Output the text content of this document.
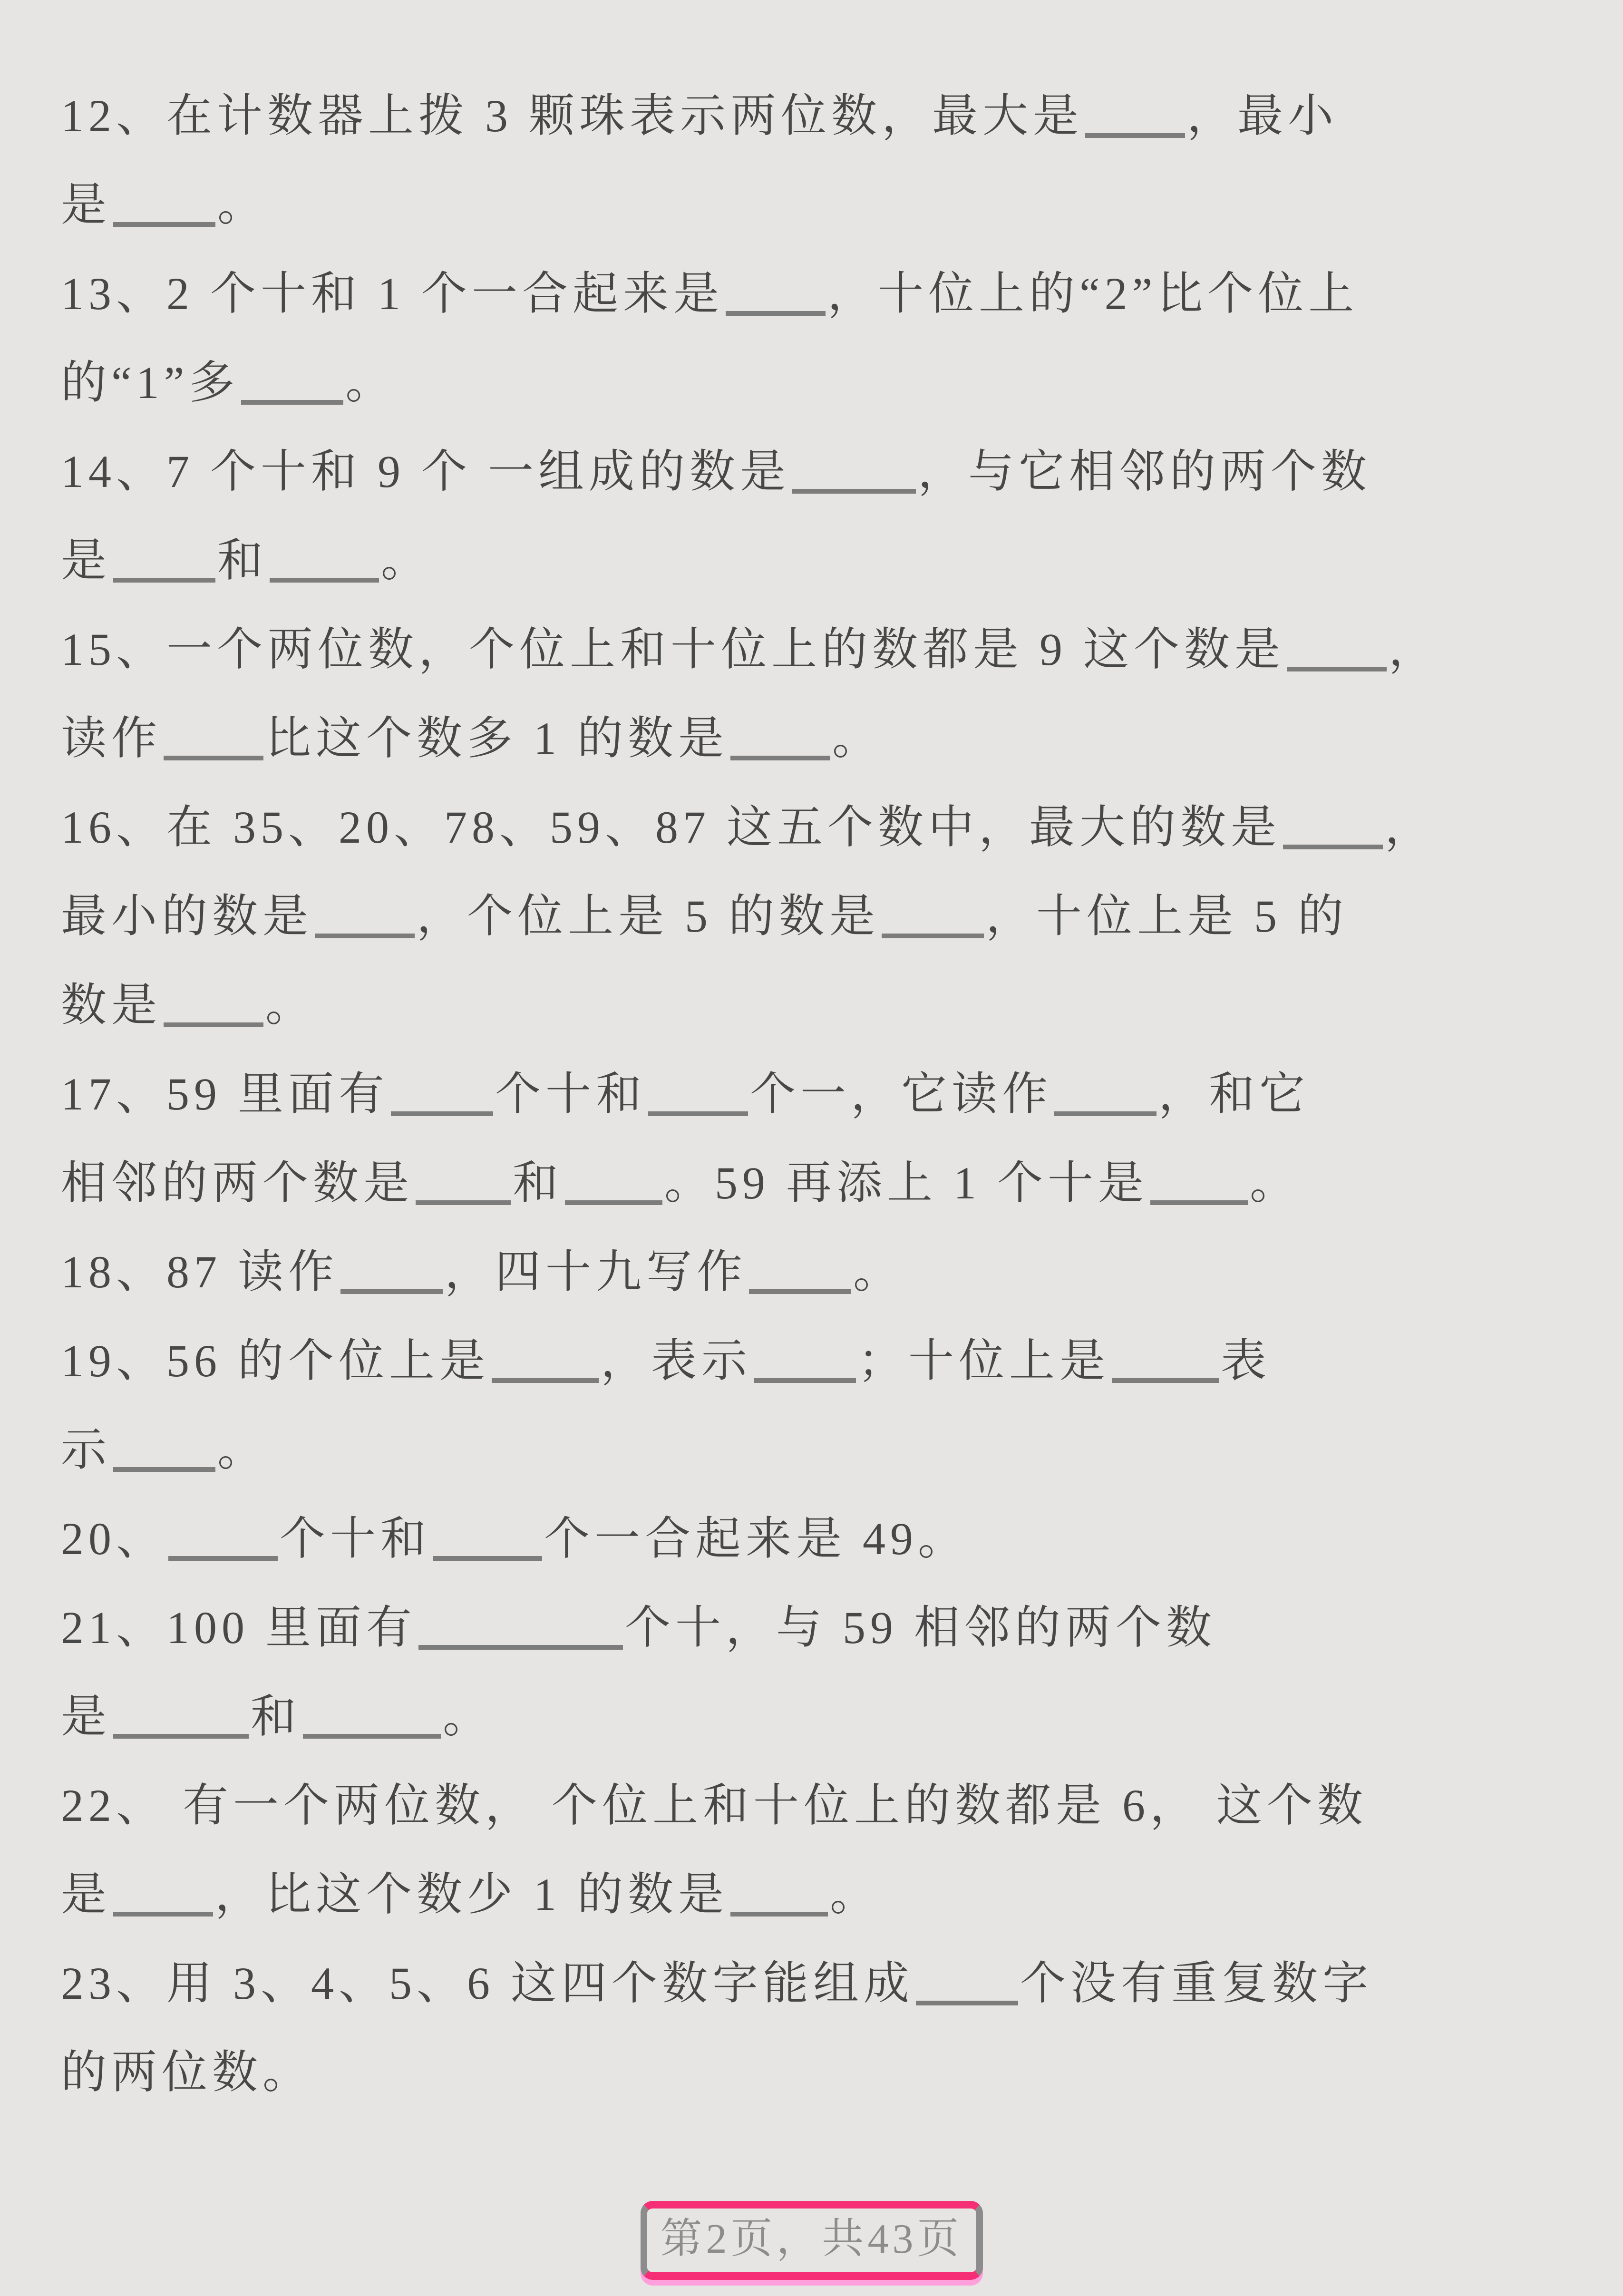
12、在计数器上拨 3 颗珠表示两位数，最大是 ，最小
是 。
13、2 个十和 1 个一合起来是 ，十位上的“2”比个位上
的“1”多 。
14、7 个十和 9 个 一组成的数是	，与它相邻的两个数
是 和 。
15、一个两位数，个位上和十位上的数都是 9 这个数是 ，
读作 比这个数多 1 的数是 。
16、在 35、20、78、59、87 这五个数中，最大的数是 ，
最小的数是 ，个位上是 5 的数是 ，十位上是 5 的
数是 。
17、59 里面有 个十和 个一，它读作 ，和它
相邻的两个数是 和 。59 再添上 1 个十是 。
18、87 读作 ，四十九写作 。
19、56 的个位上是 ，表示 ；十位上是 表
示 。
20、 个十和 个一合起来是 49。
21、100 里面有	个十，与 59 相邻的两个数
是	和	。
22、 有一个两位数， 个位上和十位上的数都是 6， 这个数
是 ，比这个数少 1 的数是 。
23、用 3、4、5、6 这四个数字能组成 个没有重复数字
的两位数。
第2页，共43页
